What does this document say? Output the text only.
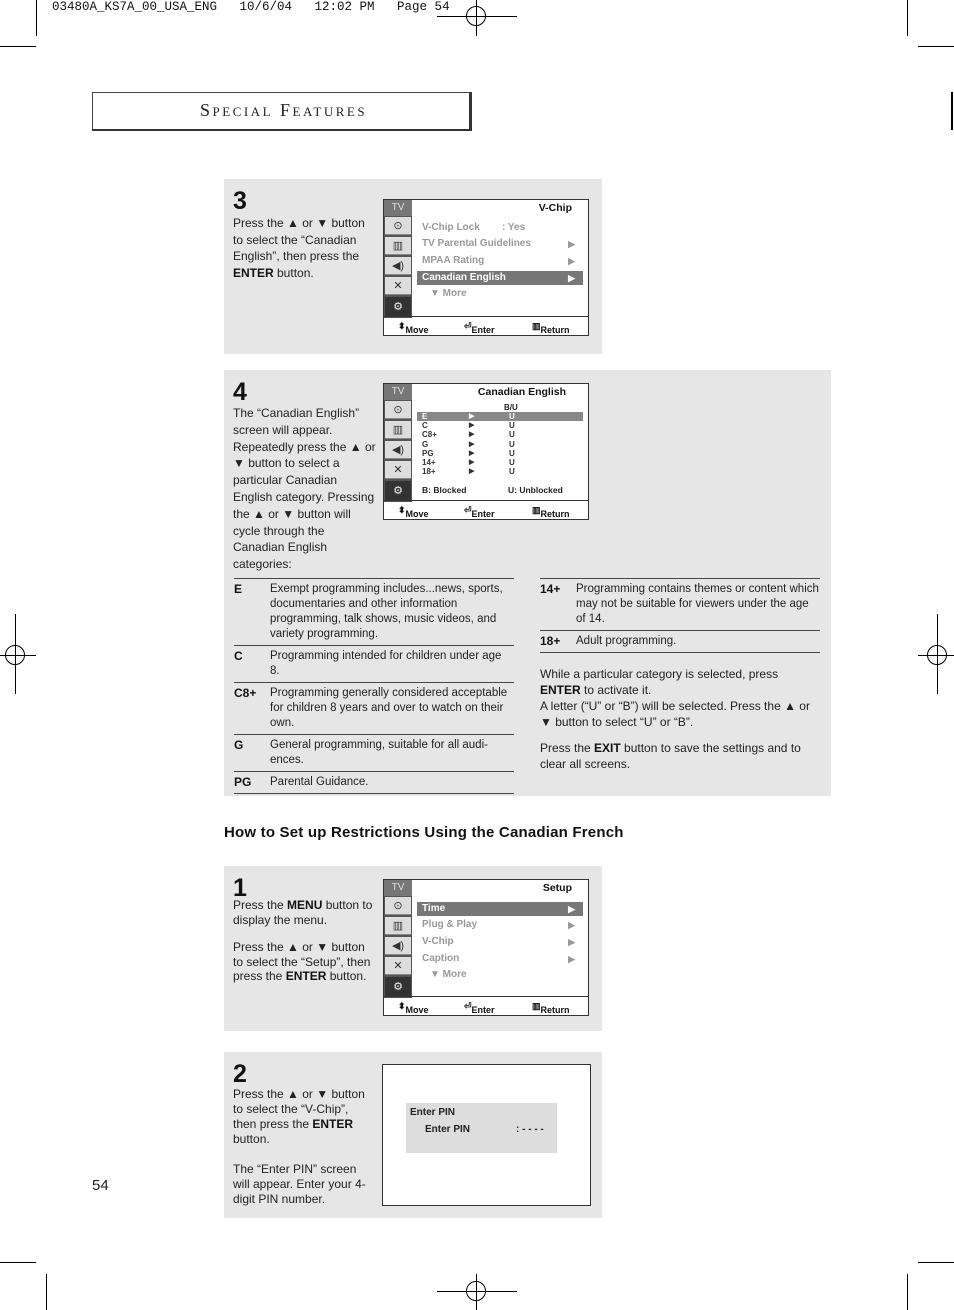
03480A_KS7A_00_USA_ENG   10/6/04   12:02 PM   Page 54
Special Features
3
Press the ▲ or ▼ button to select the “Canadian English”, then press the ENTER button.
TV
⊙
▥
◀)
✕
⚙
V-Chip
V-Chip Lock : Yes
TV Parental Guidelines	▶
MPAA Rating	▶
Canadian English	▶
▼ More
⬍ Move	⏎ Enter	▥ Return
4
The “Canadian English” screen will appear. Repeatedly press the ▲ or ▼ button to select a particular Canadian English category. Pressing the ▲ or ▼ button will cycle through the Canadian English categories:
TV
⊙
▥
◀)
✕
⚙
Canadian English
B/U
E	▶	U
C	▶	U
C8+	▶	U
G	▶	U
PG	▶	U
14+	▶	U
18+	▶	U
B: Blocked	U: Unblocked
⬍ Move	⏎ Enter	▥ Return
E Exempt programming includes...news, sports, documentaries and other information programming, talk shows, music videos, and variety programming.
C Programming intended for children under age 8.
C8+ Programming generally considered acceptable for children 8 years and over to watch on their own.
G General programming, suitable for all audi-ences.
PG Parental Guidance.
14+ Programming contains themes or content which may not be suitable for viewers under the age of 14.
18+ Adult programming.
While a particular category is selected, press ENTER to activate it.
A letter (“U” or “B”) will be selected. Press the ▲ or ▼ button to select “U” or “B”.
Press the EXIT button to save the settings and to clear all screens.
How to Set up Restrictions Using the Canadian French
1
Press the MENU button to display the menu.
Press the ▲ or ▼ button to select the “Setup”, then press the ENTER button.
TV
⊙
▥
◀)
✕
⚙
Setup
Time	▶
Plug & Play	▶
V-Chip	▶
Caption	▶
▼ More
⬍ Move	⏎ Enter	▥ Return
2
Press the ▲ or ▼ button to select the “V-Chip”, then press the ENTER button.
The “Enter PIN” screen will appear. Enter your 4-digit PIN number.
Enter PIN
Enter PIN	: - - - -
54
